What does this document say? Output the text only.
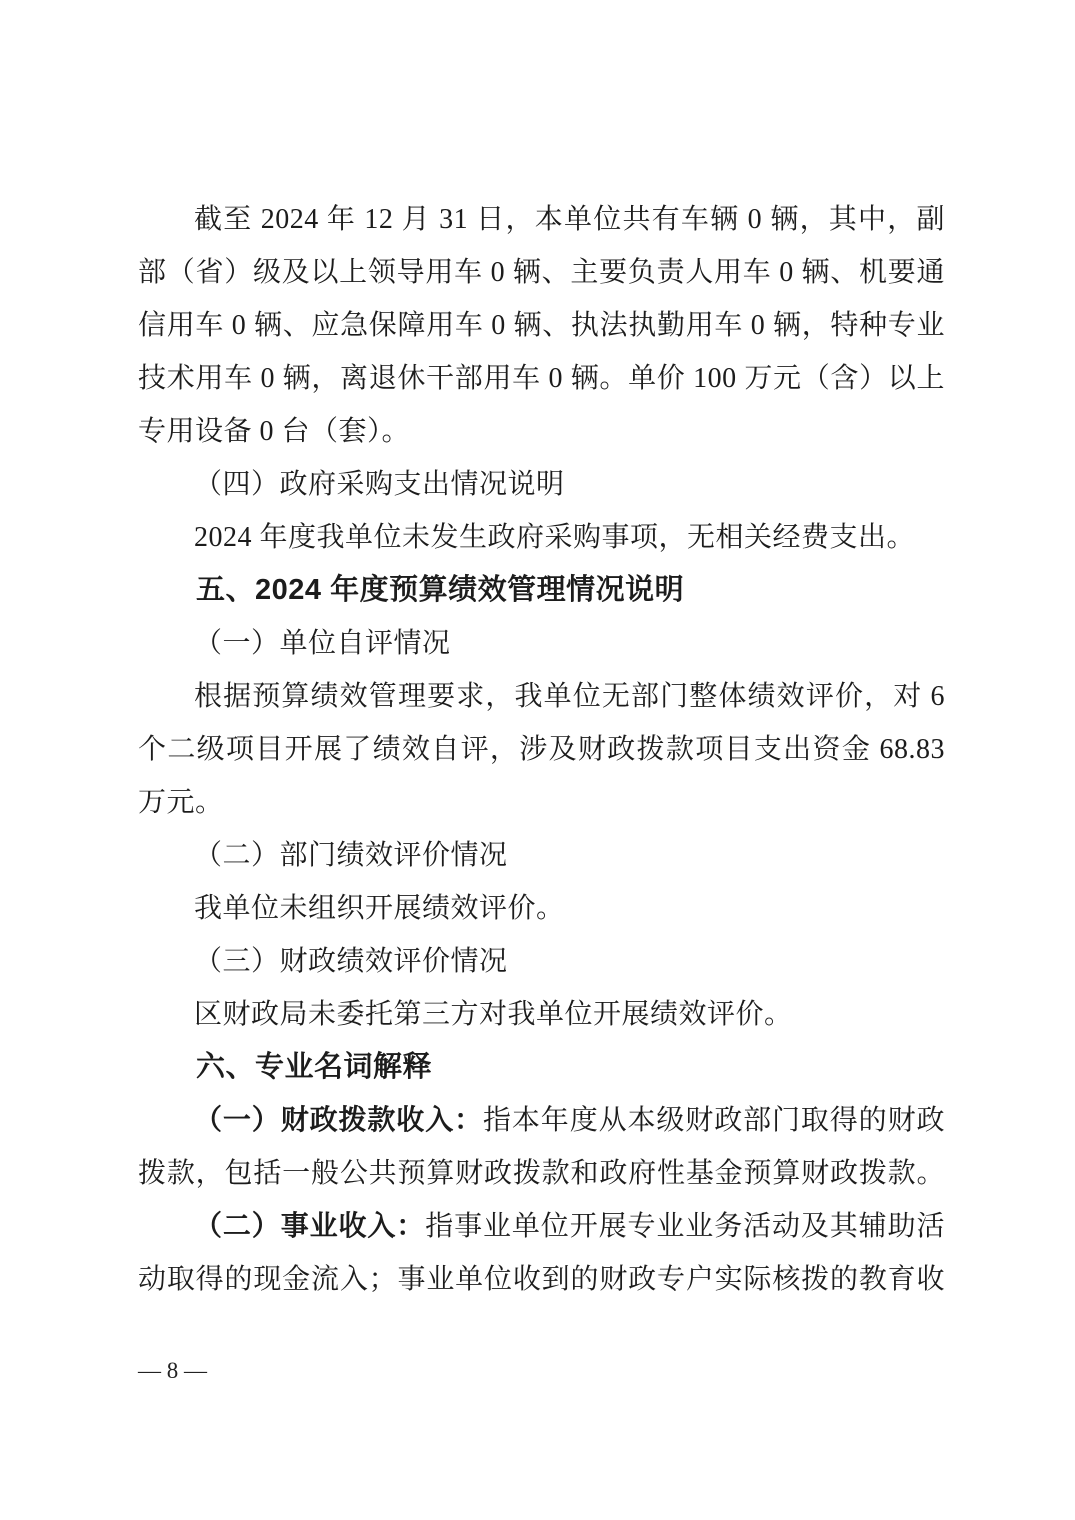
截至 2024 年 12 月 31 日，本单位共有车辆 0 辆，其中，副
部（省）级及以上领导用车 0 辆、主要负责人用车 0 辆、机要通
信用车 0 辆、应急保障用车 0 辆、执法执勤用车 0 辆，特种专业
技术用车 0 辆，离退休干部用车 0 辆。单价 100 万元（含）以上
专用设备 0 台（套）。
（四）政府采购支出情况说明
2024 年度我单位未发生政府采购事项，无相关经费支出。
五、2024 年度预算绩效管理情况说明
（一）单位自评情况
根据预算绩效管理要求，我单位无部门整体绩效评价，对 6
个二级项目开展了绩效自评，涉及财政拨款项目支出资金 68.83
万元。
（二）部门绩效评价情况
我单位未组织开展绩效评价。
（三）财政绩效评价情况
区财政局未委托第三方对我单位开展绩效评价。
六、专业名词解释
（一）财政拨款收入：指本年度从本级财政部门取得的财政
拨款，包括一般公共预算财政拨款和政府性基金预算财政拨款。
（二）事业收入：指事业单位开展专业业务活动及其辅助活
动取得的现金流入；事业单位收到的财政专户实际核拨的教育收
— 8 —
